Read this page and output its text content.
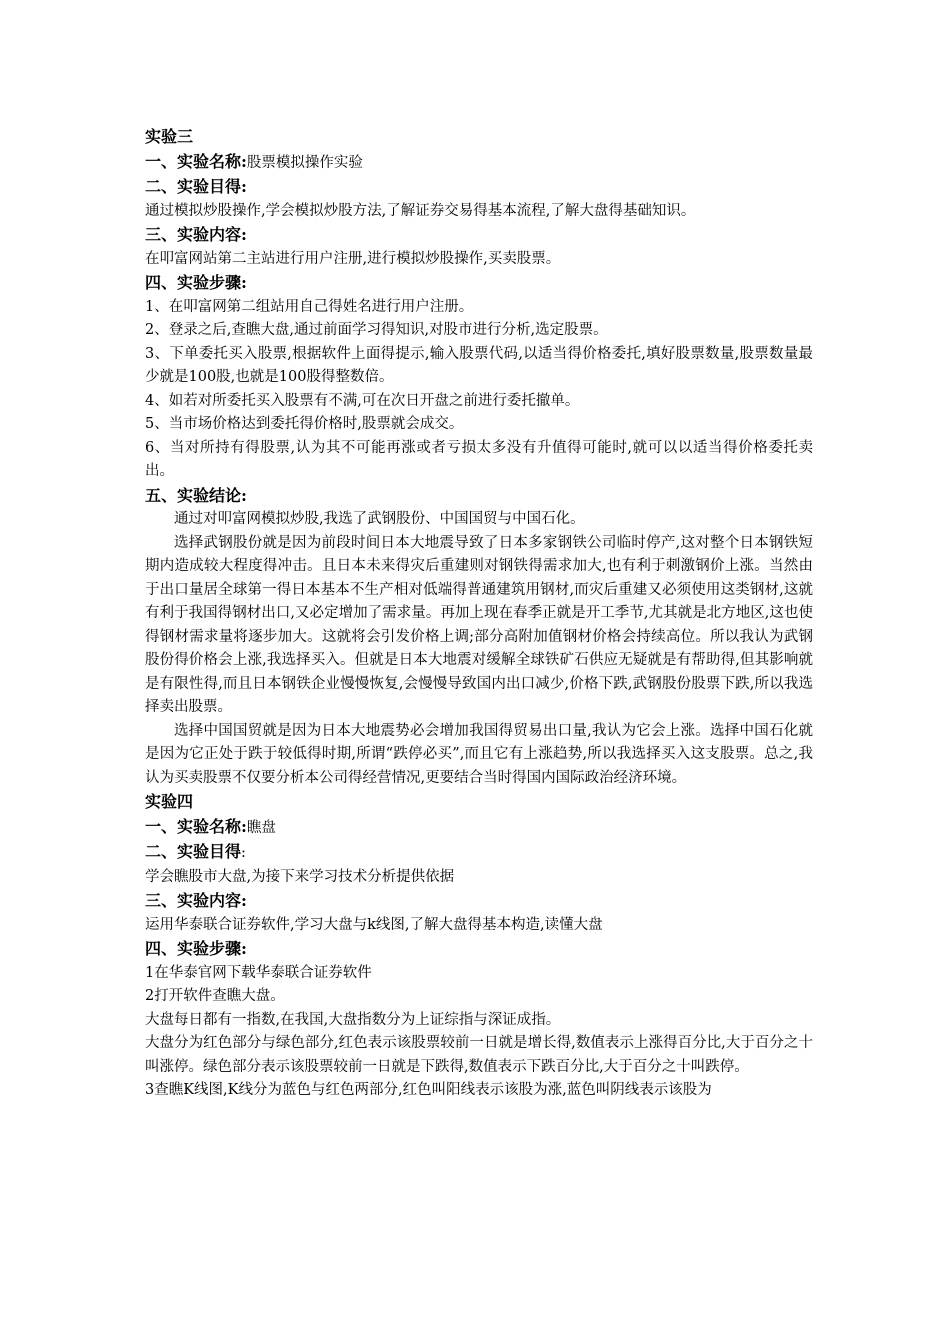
实验三
一、实验名称:股票模拟操作实验
二、实验目得:

通过模拟炒股操作,学会模拟炒股方法,了解证券交易得基本流程,了解大盘得基础知识。

三、实验内容:

在叩富网站第二主站进行用户注册,进行模拟炒股操作,买卖股票。

四、实验步骤:

1、在叩富网第二组站用自己得姓名进行用户注册。

2、登录之后,查瞧大盘,通过前面学习得知识,对股市进行分析,选定股票。

3、下单委托买入股票,根据软件上面得提示,输入股票代码,以适当得价格委托,填好股票数量,股票数量最少就是100股,也就是100股得整数倍。

4、如若对所委托买入股票有不满,可在次日开盘之前进行委托撤单。

5、当市场价格达到委托得价格时,股票就会成交。

6、当对所持有得股票,认为其不可能再涨或者亏损太多没有升值得可能时,就可以以适当得价格委托卖出。

五、实验结论:

通过对叩富网模拟炒股,我选了武钢股份、中国国贸与中国石化。

选择武钢股份就是因为前段时间日本大地震导致了日本多家钢铁公司临时停产,这对整个日本钢铁短期内造成较大程度得冲击。且日本未来得灾后重建则对钢铁得需求加大,也有利于刺激钢价上涨。当然由于出口量居全球第一得日本基本不生产相对低端得普通建筑用钢材,而灾后重建又必须使用这类钢材,这就有利于我国得钢材出口,又必定增加了需求量。再加上现在春季正就是开工季节,尤其就是北方地区,这也使得钢材需求量将逐步加大。这就将会引发价格上调;部分高附加值钢材价格会持续高位。所以我认为武钢股份得价格会上涨,我选择买入。但就是日本大地震对缓解全球铁矿石供应无疑就是有帮助得,但其影响就是有限性得,而且日本钢铁企业慢慢恢复,会慢慢导致国内出口减少,价格下跌,武钢股份股票下跌,所以我选择卖出股票。

选择中国国贸就是因为日本大地震势必会增加我国得贸易出口量,我认为它会上涨。选择中国石化就是因为它正处于跌于较低得时期,所谓“跌停必买”,而且它有上涨趋势,所以我选择买入这支股票。总之,我认为买卖股票不仅要分析本公司得经营情况,更要结合当时得国内国际政治经济环境。

实验四
一、实验名称:瞧盘
二、实验目得:

学会瞧股市大盘,为接下来学习技术分析提供依据

三、实验内容:

运用华泰联合证券软件,学习大盘与k线图,了解大盘得基本构造,读懂大盘

四、实验步骤:

1在华泰官网下载华泰联合证券软件

2打开软件查瞧大盘。

大盘每日都有一指数,在我国,大盘指数分为上证综指与深证成指。

大盘分为红色部分与绿色部分,红色表示该股票较前一日就是增长得,数值表示上涨得百分比,大于百分之十叫涨停。绿色部分表示该股票较前一日就是下跌得,数值表示下跌百分比,大于百分之十叫跌停。

3查瞧K线图,K线分为蓝色与红色两部分,红色叫阳线表示该股为涨,蓝色叫阴线表示该股为
